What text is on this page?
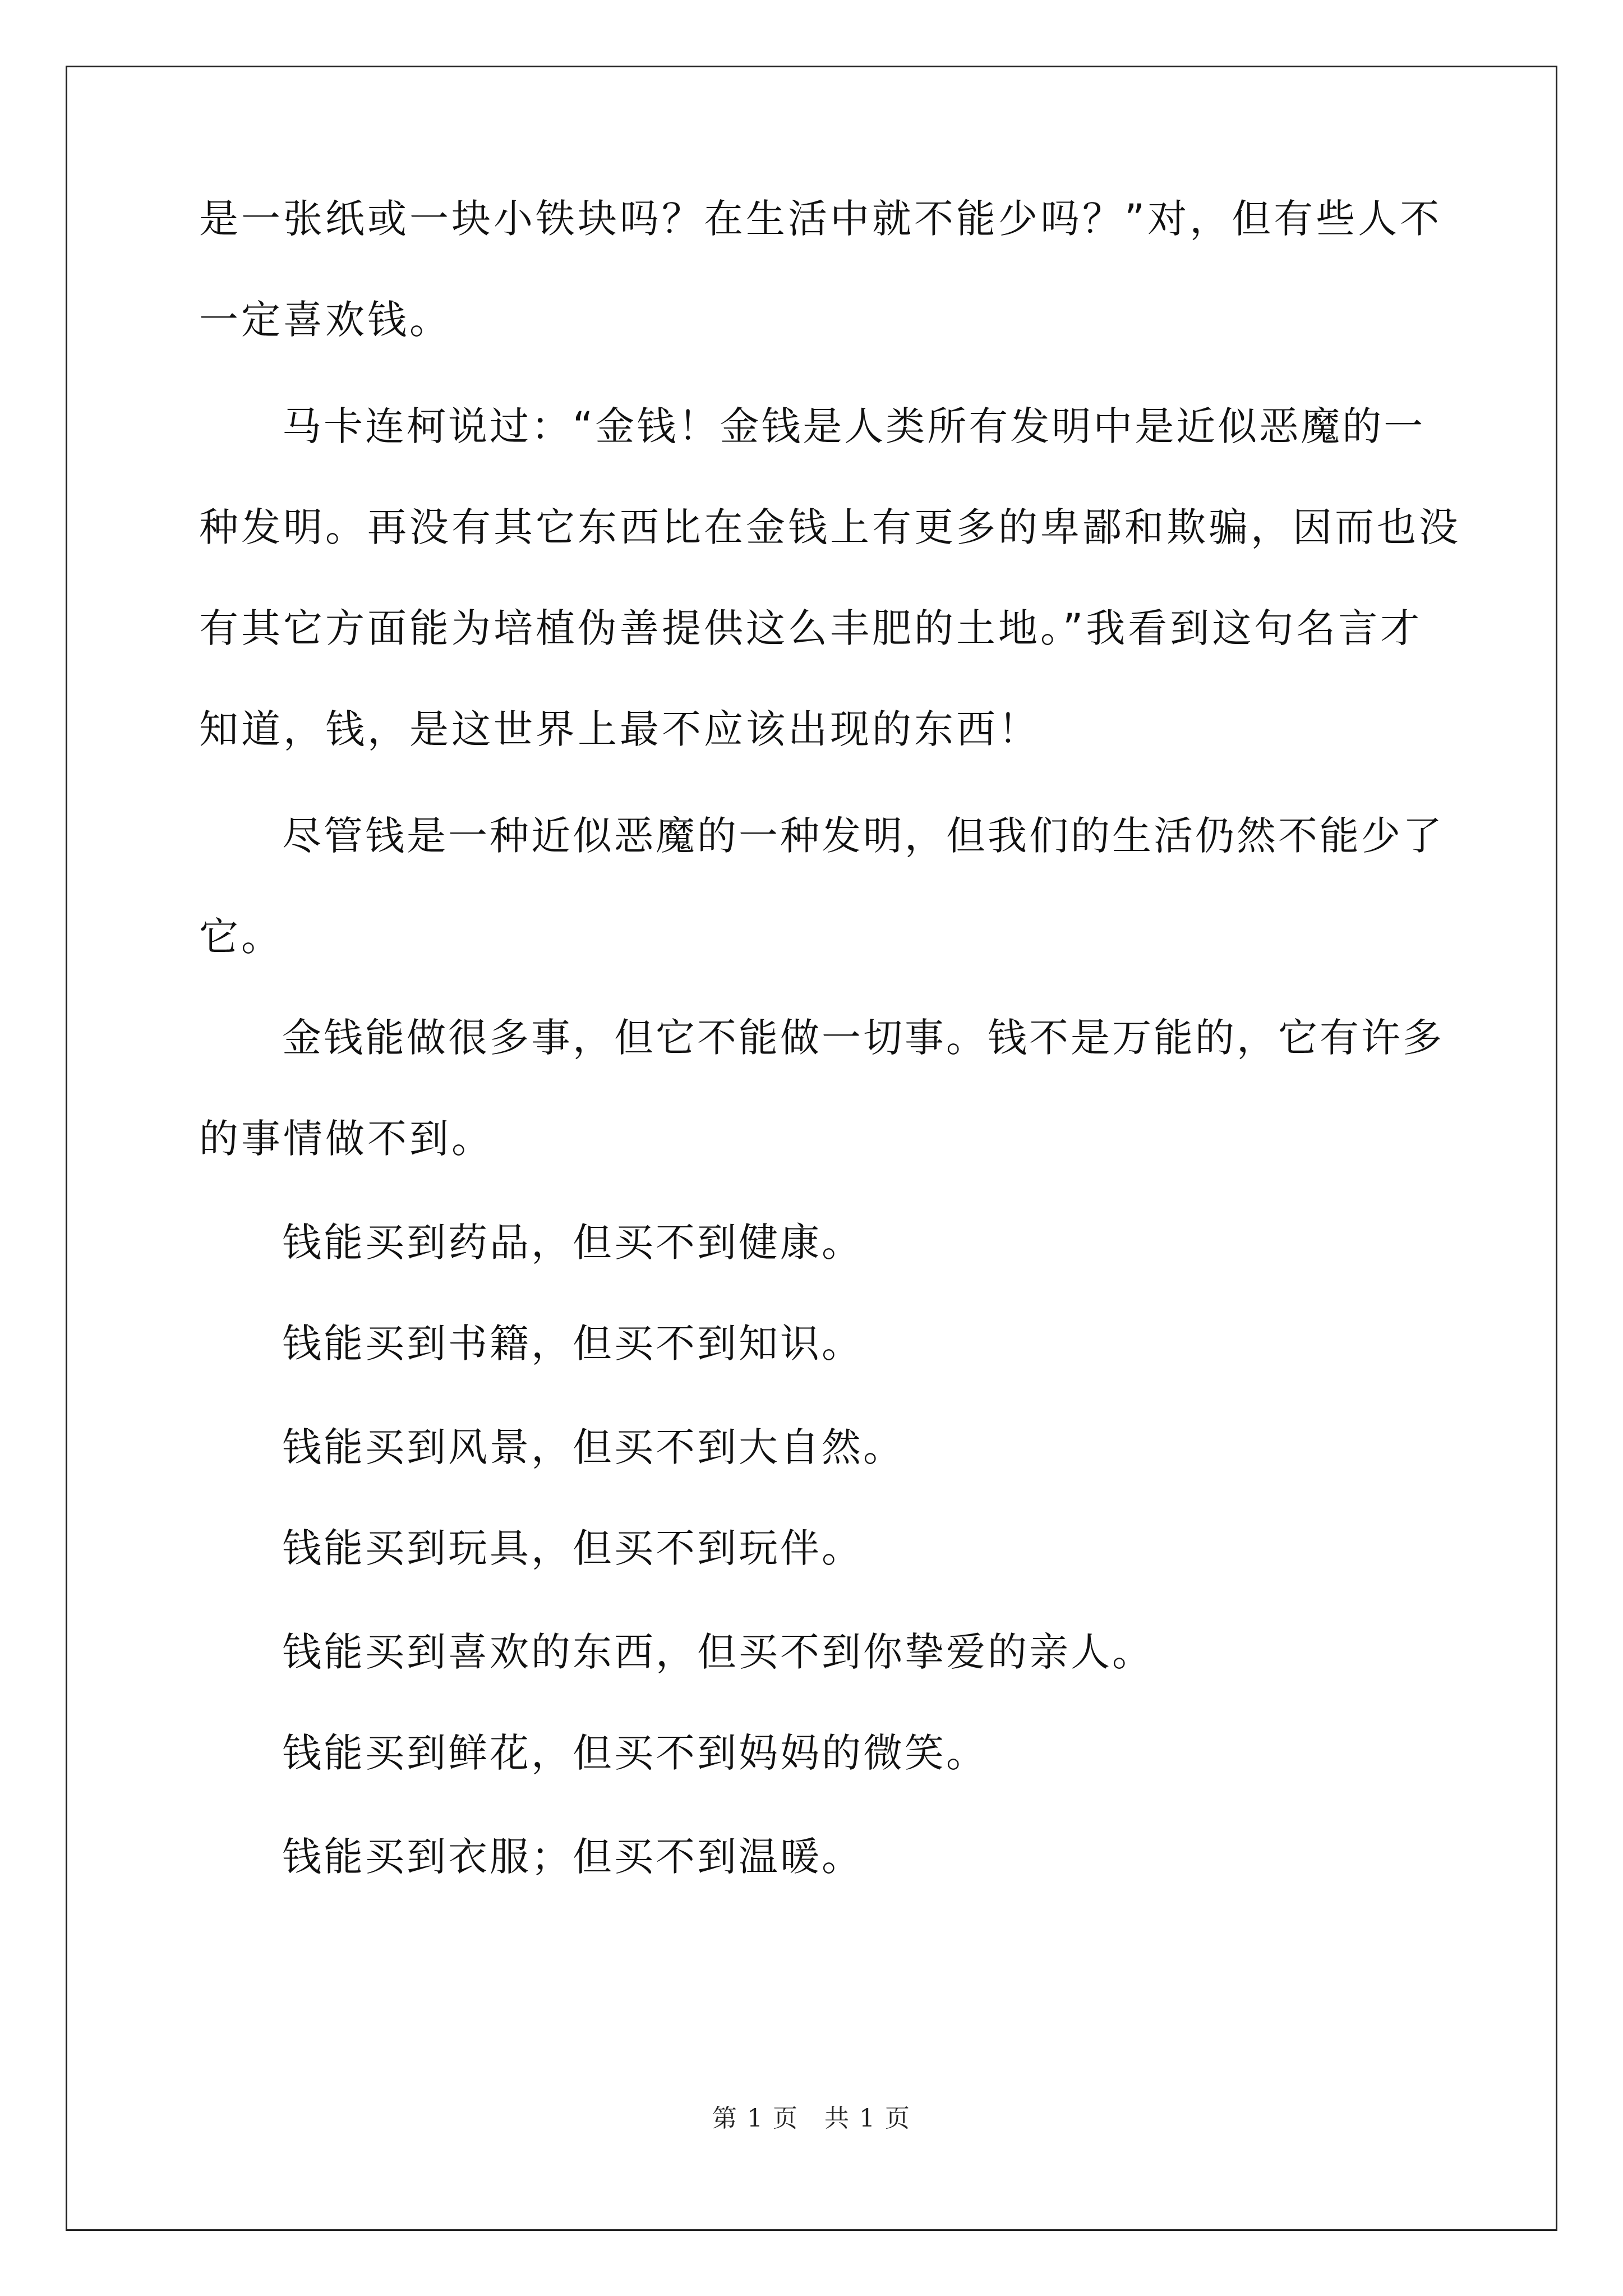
是一张纸或一块小铁块吗？在生活中就不能少吗？”对，但有些人不
一定喜欢钱。
马卡连柯说过：“金钱！金钱是人类所有发明中是近似恶魔的一
种发明。再没有其它东西比在金钱上有更多的卑鄙和欺骗，因而也没
有其它方面能为培植伪善提供这么丰肥的土地。”我看到这句名言才
知道，钱，是这世界上最不应该出现的东西！
尽管钱是一种近似恶魔的一种发明，但我们的生活仍然不能少了
它。
金钱能做很多事，但它不能做一切事。钱不是万能的，它有许多
的事情做不到。
钱能买到药品，但买不到健康。
钱能买到书籍，但买不到知识。
钱能买到风景，但买不到大自然。
钱能买到玩具，但买不到玩伴。
钱能买到喜欢的东西，但买不到你挚爱的亲人。
钱能买到鲜花，但买不到妈妈的微笑。
钱能买到衣服；但买不到温暖。
第 1 页　共 1 页
